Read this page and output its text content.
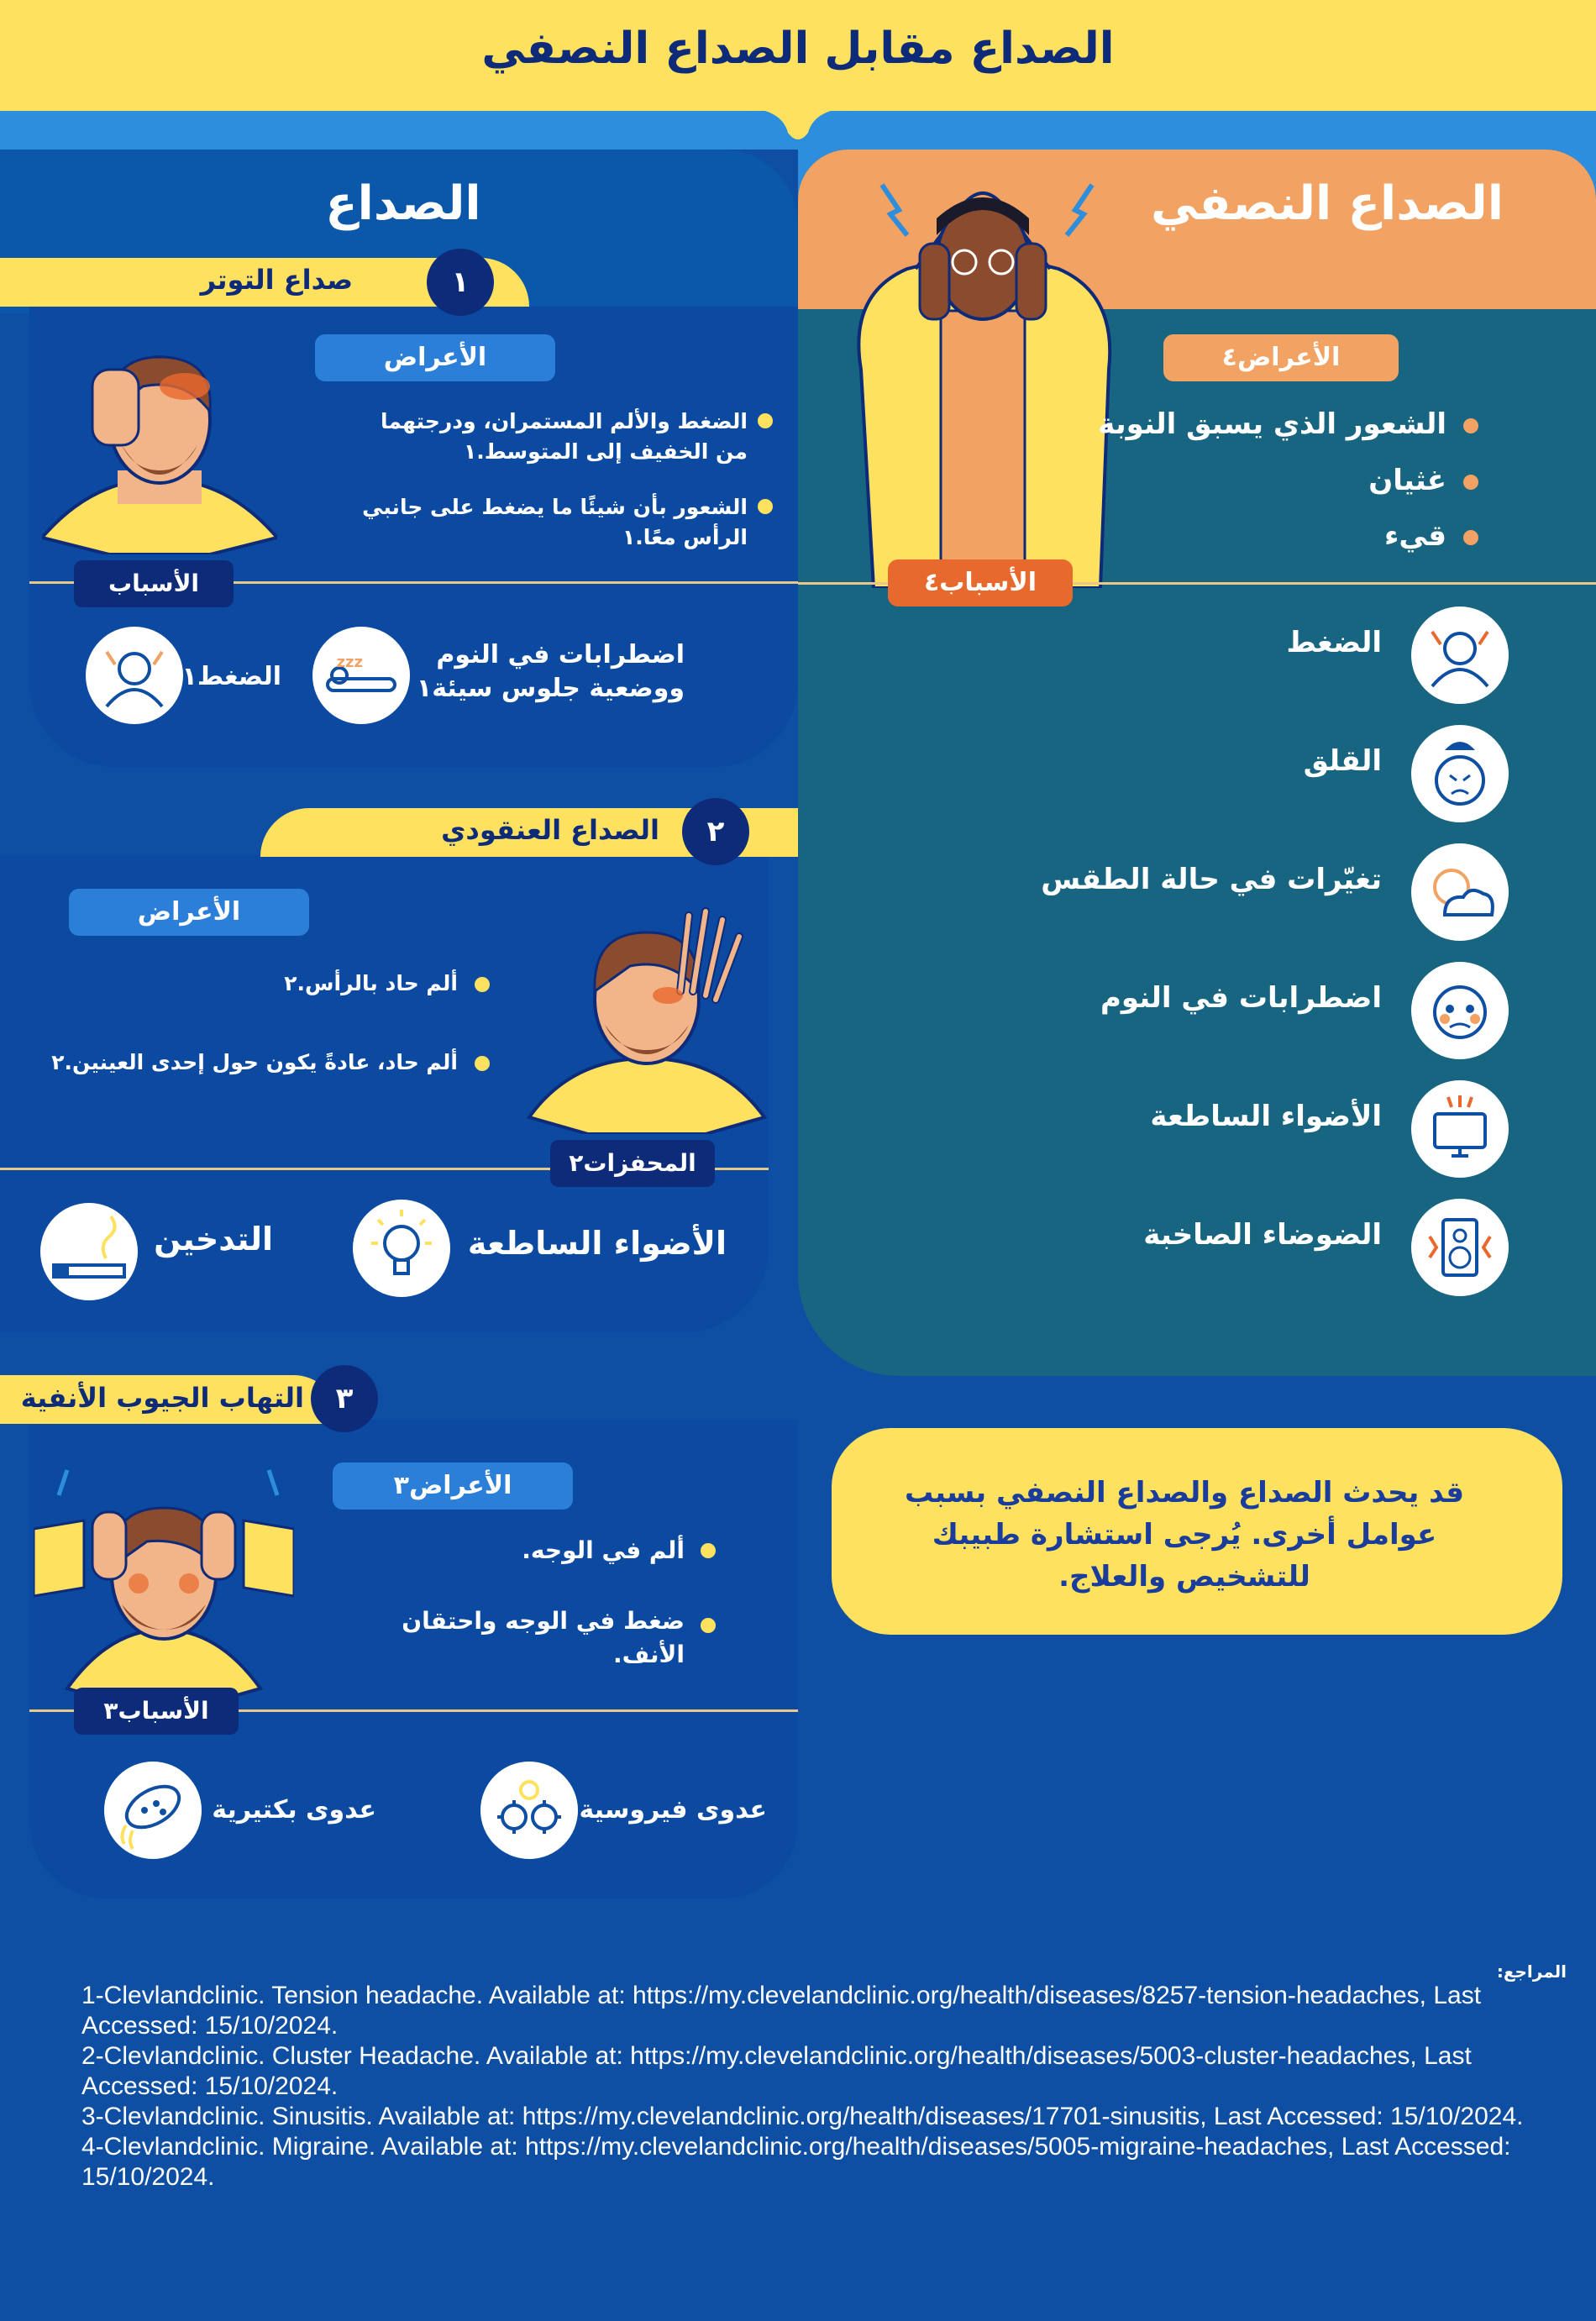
الصداع مقابل الصداع النصفي
الصداع	الصداع النصفي
الأعراض٤
الشعور الذي يسبق النوبة
غثيان
قيء
الأسباب٤
الضغط
القلق
تغيّرات في حالة الطقس
اضطرابات في النوم
الأضواء الساطعة
الضوضاء الصاخبة
قد يحدث الصداع والصداع النصفي بسبب عوامل أخرى. يُرجى استشارة طبيبك للتشخيص والعلاج.
صداع التوتر	١
الأعراض
الضغط والألم المستمران، ودرجتهما من الخفيف إلى المتوسط.١
الشعور بأن شيئًا ما يضغط على جانبي الرأس معًا.١
الأسباب
zzz	اضطرابات في النوم ووضعية جلوس سيئة١
الضغط١
الصداع العنقودي	٢
الأعراض
ألم حاد بالرأس.٢
ألم حاد، عادةً يكون حول إحدى العينين.٢
المحفزات٢
الأضواء الساطعة
التدخين
التهاب الجيوب الأنفية	٣
الأعراض٣
ألم في الوجه.
ضغط في الوجه واحتقان الأنف.
الأسباب٣
عدوى فيروسية
عدوى بكتيرية
المراجع:
1-Clevlandclinic. Tension headache. Available at: https://my.clevelandclinic.org/health/diseases/8257-tension-headaches, Last Accessed: 15/10/2024.
2-Clevlandclinic. Cluster Headache. Available at: https://my.clevelandclinic.org/health/diseases/5003-cluster-headaches, Last Accessed: 15/10/2024.
3-Clevlandclinic. Sinusitis. Available at: https://my.clevelandclinic.org/health/diseases/17701-sinusitis, Last Accessed: 15/10/2024.
4-Clevlandclinic. Migraine. Available at: https://my.clevelandclinic.org/health/diseases/5005-migraine-headaches, Last Accessed: 15/10/2024.
